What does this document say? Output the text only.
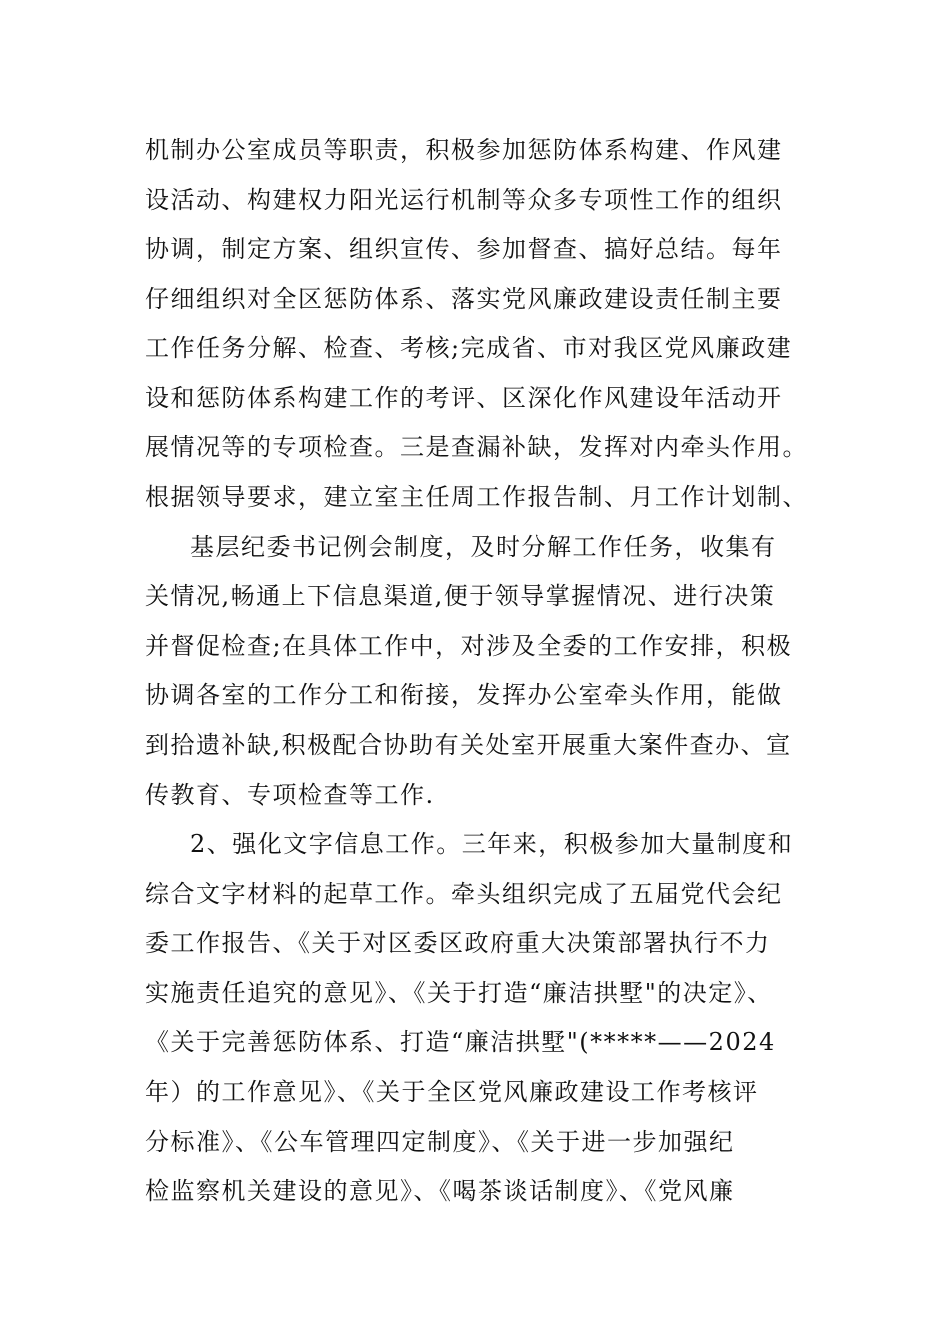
机制办公室成员等职责，积极参加惩防体系构建、作风建
设活动、构建权力阳光运行机制等众多专项性工作的组织
协调，制定方案、组织宣传、参加督查、搞好总结。每年
仔细组织对全区惩防体系、落实党风廉政建设责任制主要
工作任务分解、检查、考核;完成省、市对我区党风廉政建
设和惩防体系构建工作的考评、区深化作风建设年活动开
展情况等的专项检查。三是查漏补缺，发挥对内牵头作用。
根据领导要求，建立室主任周工作报告制、月工作计划制、
基层纪委书记例会制度，及时分解工作任务，收集有
关情况,畅通上下信息渠道,便于领导掌握情况、进行决策
并督促检查;在具体工作中，对涉及全委的工作安排，积极
协调各室的工作分工和衔接，发挥办公室牵头作用，能做
到拾遗补缺,积极配合协助有关处室开展重大案件查办、宣
传教育、专项检查等工作.
2、强化文字信息工作。三年来，积极参加大量制度和
综合文字材料的起草工作。牵头组织完成了五届党代会纪
委工作报告、《关于对区委区政府重大决策部署执行不力
实施责任追究的意见》、《关于打造“廉洁拱墅"的决定》、
《关于完善惩防体系、打造“廉洁拱墅"(*****——2024
年）的工作意见》、《关于全区党风廉政建设工作考核评
分标准》、《公车管理四定制度》、《关于进一步加强纪
检监察机关建设的意见》、《喝茶谈话制度》、《党风廉
